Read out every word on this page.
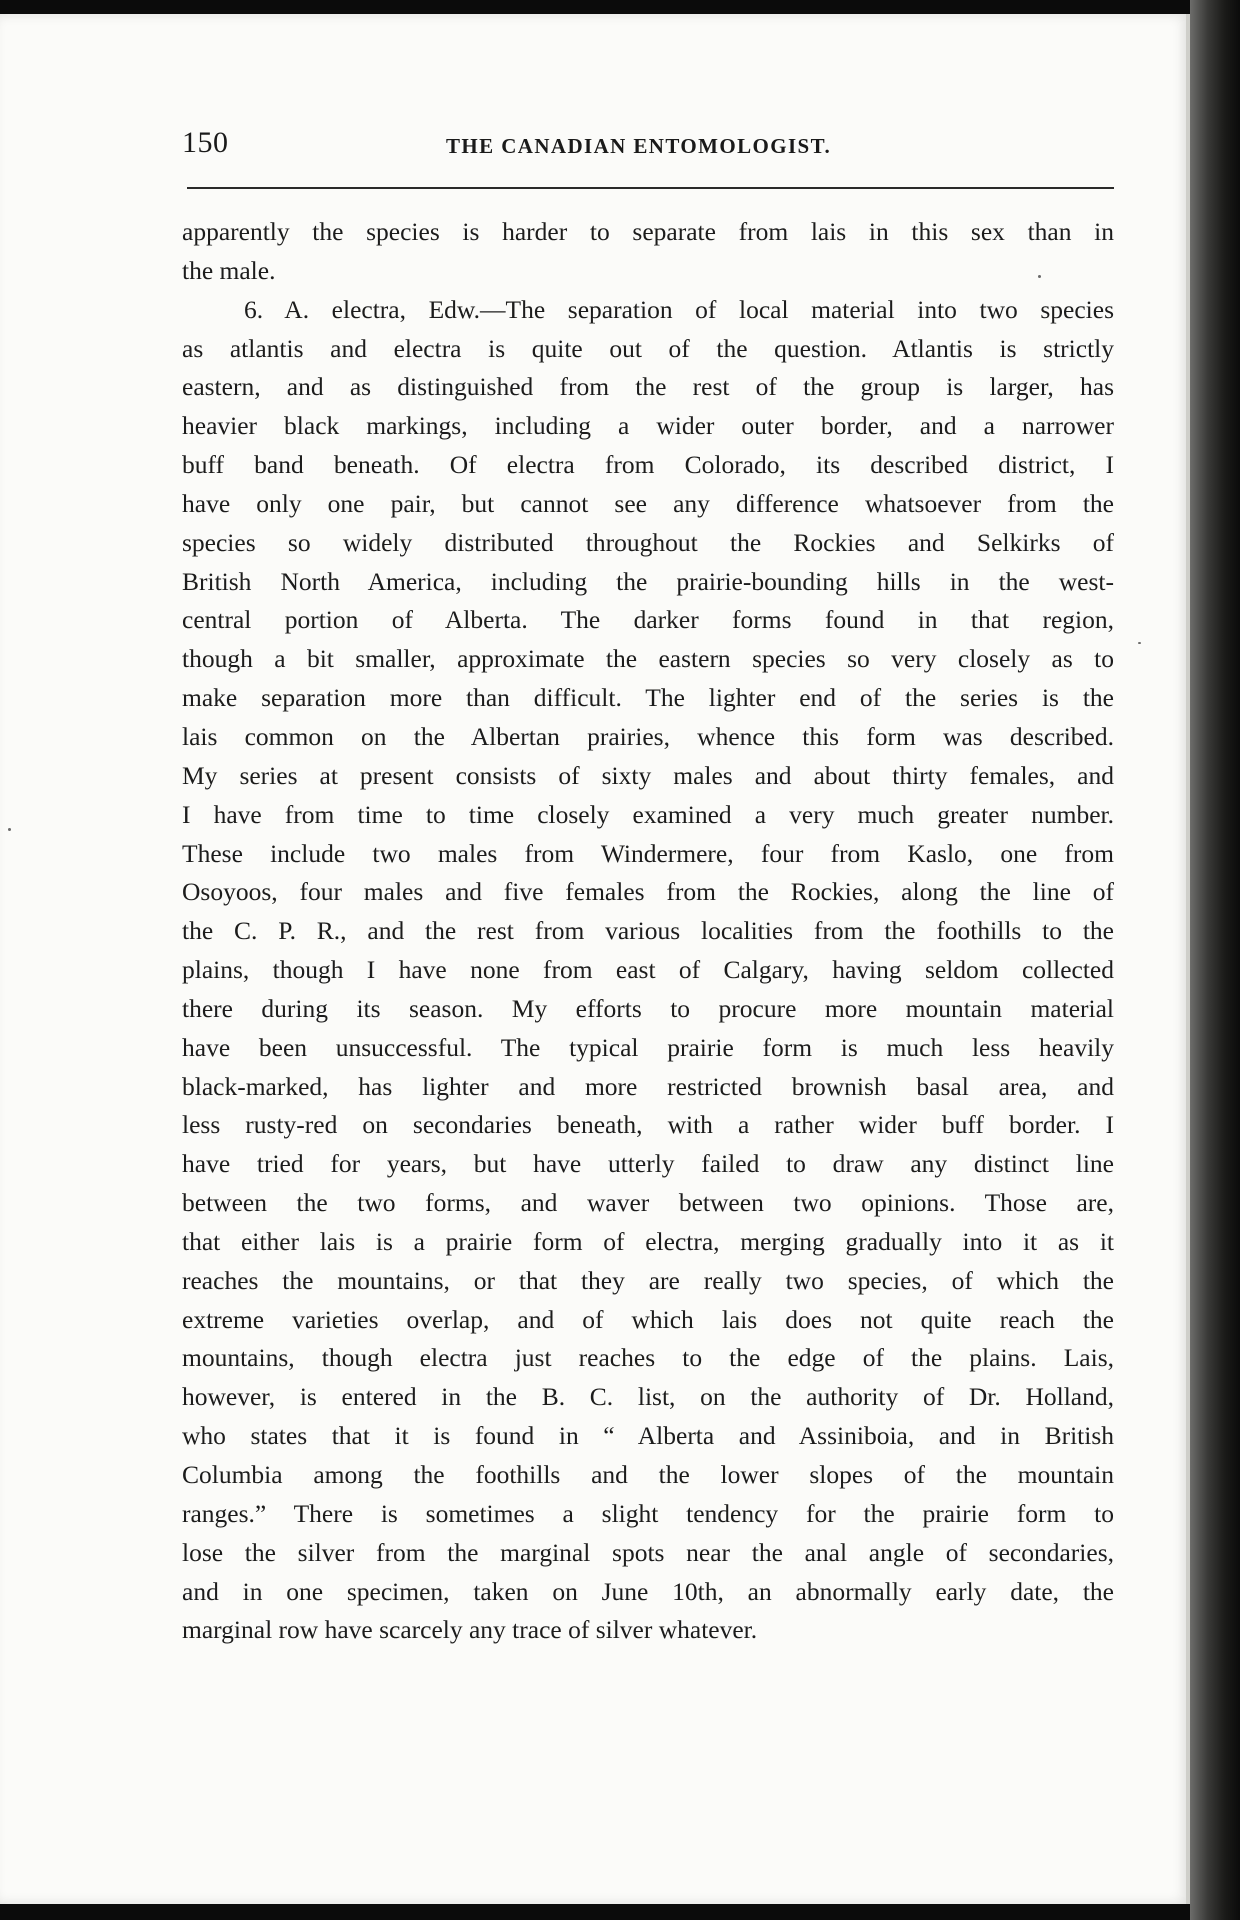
150	THE CANADIAN ENTOMOLOGIST.
apparently the species is harder to separate from lais in this sex than in
the male.
6. A. electra, Edw.—The separation of local material into two species
as atlantis and electra is quite out of the question. Atlantis is strictly
eastern, and as distinguished from the rest of the group is larger, has
heavier black markings, including a wider outer border, and a narrower
buff band beneath. Of electra from Colorado, its described district, I
have only one pair, but cannot see any difference whatsoever from the
species so widely distributed throughout the Rockies and Selkirks of
British North America, including the prairie-bounding hills in the west-
central portion of Alberta. The darker forms found in that region,
though a bit smaller, approximate the eastern species so very closely as to
make separation more than difficult. The lighter end of the series is the
lais common on the Albertan prairies, whence this form was described.
My series at present consists of sixty males and about thirty females, and
I have from time to time closely examined a very much greater number.
These include two males from Windermere, four from Kaslo, one from
Osoyoos, four males and five females from the Rockies, along the line of
the C. P. R., and the rest from various localities from the foothills to the
plains, though I have none from east of Calgary, having seldom collected
there during its season. My efforts to procure more mountain material
have been unsuccessful. The typical prairie form is much less heavily
black-marked, has lighter and more restricted brownish basal area, and
less rusty-red on secondaries beneath, with a rather wider buff border. I
have tried for years, but have utterly failed to draw any distinct line
between the two forms, and waver between two opinions. Those are,
that either lais is a prairie form of electra, merging gradually into it as it
reaches the mountains, or that they are really two species, of which the
extreme varieties overlap, and of which lais does not quite reach the
mountains, though electra just reaches to the edge of the plains. Lais,
however, is entered in the B. C. list, on the authority of Dr. Holland,
who states that it is found in “ Alberta and Assiniboia, and in British
Columbia among the foothills and the lower slopes of the mountain
ranges.” There is sometimes a slight tendency for the prairie form to
lose the silver from the marginal spots near the anal angle of secondaries,
and in one specimen, taken on June 10th, an abnormally early date, the
marginal row have scarcely any trace of silver whatever.
